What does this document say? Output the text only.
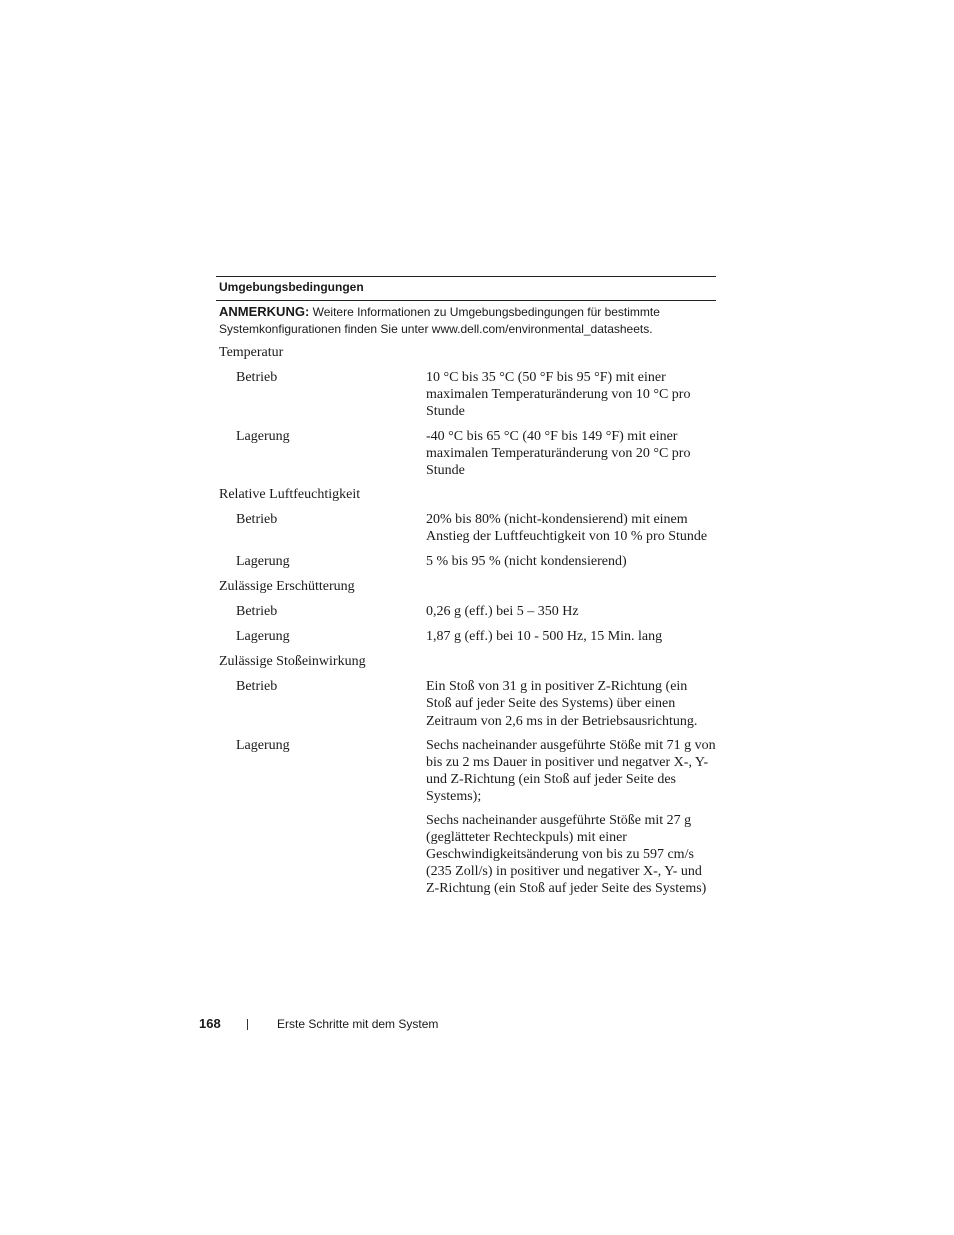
Umgebungsbedingungen
ANMERKUNG: Weitere Informationen zu Umgebungsbedingungen für bestimmte Systemkonfigurationen finden Sie unter www.dell.com/environmental_datasheets.
Temperatur
Betrieb	10 °C bis 35 °C (50 °F bis 95 °F) mit einer maximalen Temperaturänderung von 10 °C pro Stunde
Lagerung	-40 °C bis 65 °C (40 °F bis 149 °F) mit einer maximalen Temperaturänderung von 20 °C pro Stunde
Relative Luftfeuchtigkeit
Betrieb	20% bis 80% (nicht-kondensierend) mit einem Anstieg der Luftfeuchtigkeit von 10 % pro Stunde
Lagerung	5 % bis 95 % (nicht kondensierend)
Zulässige Erschütterung
Betrieb	0,26 g (eff.) bei 5 – 350 Hz
Lagerung	1,87 g (eff.) bei 10 - 500 Hz, 15 Min. lang
Zulässige Stoßeinwirkung
Betrieb	Ein Stoß von 31 g in positiver Z-Richtung (ein Stoß auf jeder Seite des Systems) über einen Zeitraum von 2,6 ms in der Betriebsausrichtung.
Lagerung	Sechs nacheinander ausgeführte Stöße mit 71 g von bis zu 2 ms Dauer in positiver und negatver X-, Y- und Z-Richtung (ein Stoß auf jeder Seite des Systems);
Sechs nacheinander ausgeführte Stöße mit 27 g (geglätteter Rechteckpuls) mit einer Geschwindigkeitsänderung von bis zu 597 cm/s (235 Zoll/s) in positiver und negativer X-, Y- und Z-Richtung (ein Stoß auf jeder Seite des Systems)
168	Erste Schritte mit dem System
